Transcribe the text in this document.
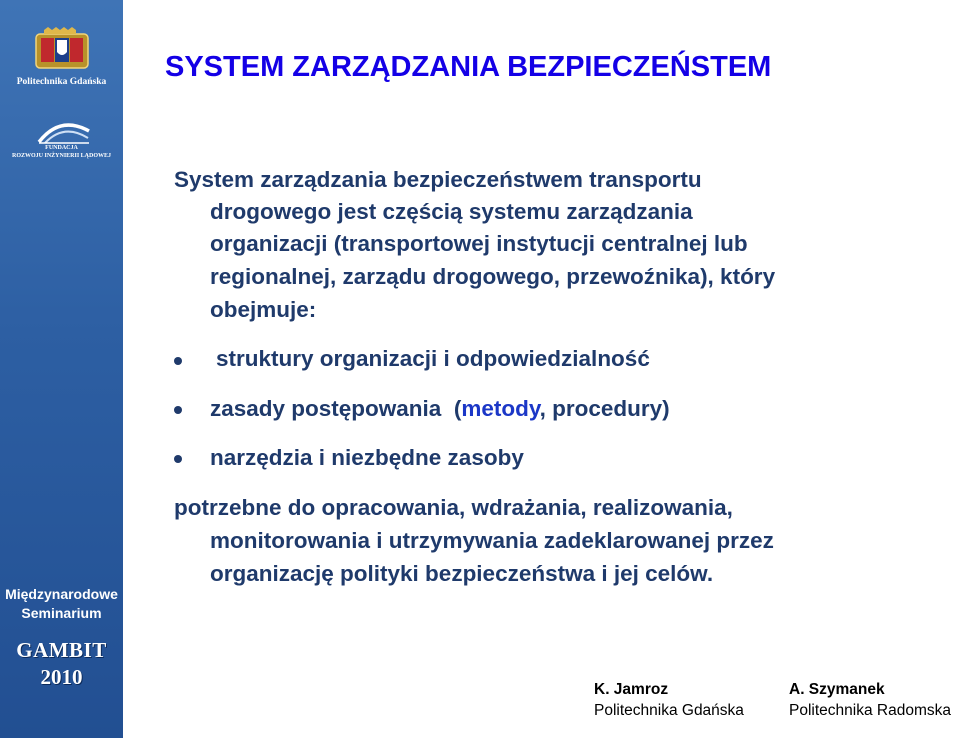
Politechnika Gdańska
FUNDACJA
ROZWOJU INŻYNIERII LĄDOWEJ
Międzynarodowe
Seminarium
GAMBIT
2010
SYSTEM ZARZĄDZANIA BEZPIECZEŃSTEM
System zarządzania bezpieczeństwem transportu
drogowego jest częścią systemu zarządzania
organizacji (transportowej instytucji centralnej lub
regionalnej, zarządu drogowego, przewoźnika), który
obejmuje:
struktury organizacji i odpowiedzialność
zasady postępowania  (metody, procedury)
narzędzia i niezbędne zasoby
potrzebne do opracowania, wdrażania, realizowania,
monitorowania i utrzymywania zadeklarowanej przez
organizację polityki bezpieczeństwa i jej celów.
K. Jamroz
Politechnika Gdańska
A. Szymanek
Politechnika Radomska
